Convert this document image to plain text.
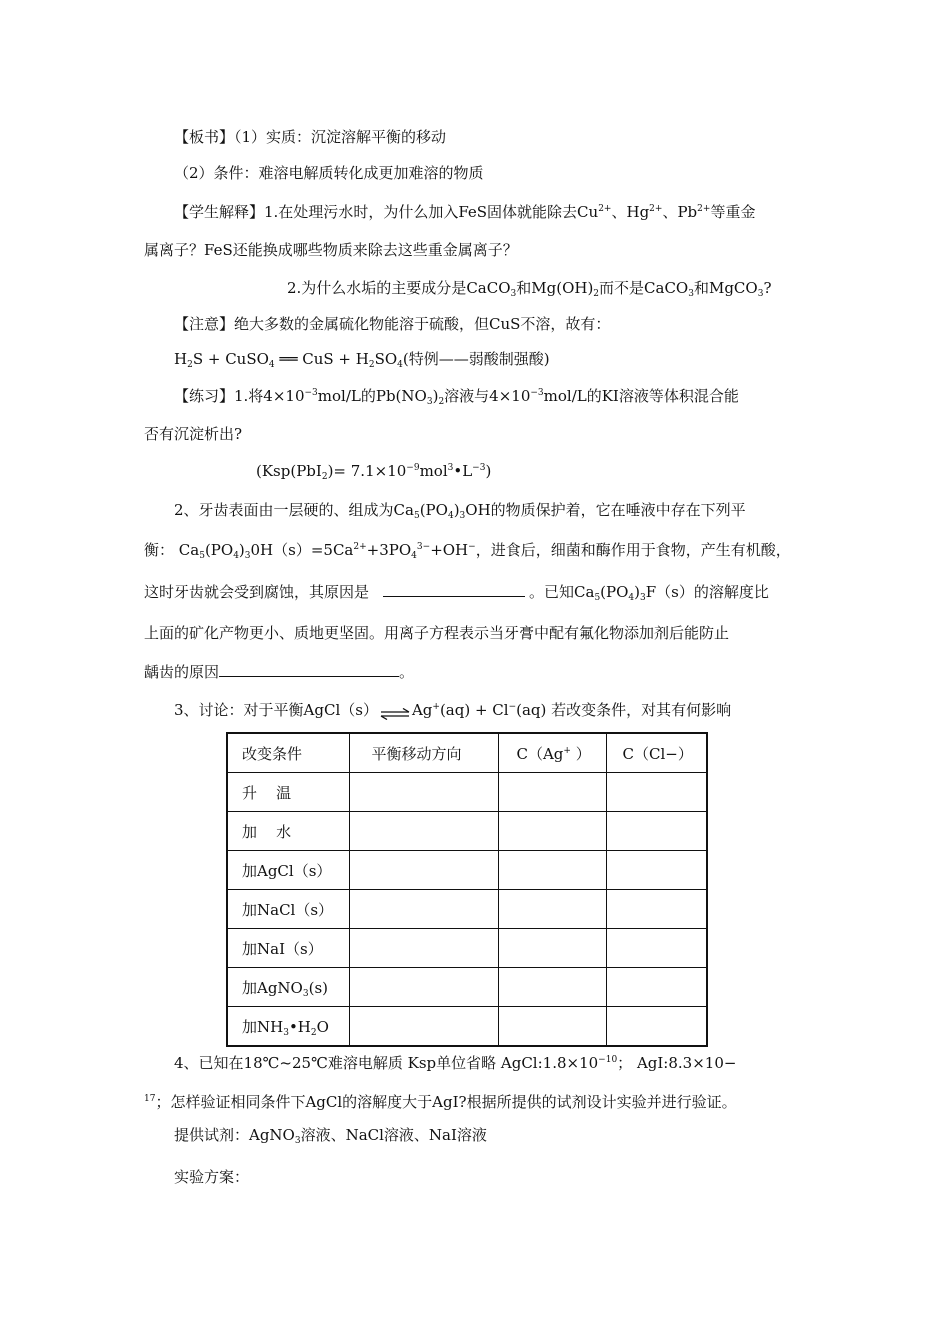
【板书】（1）实质：沉淀溶解平衡的移动
（2）条件：难溶电解质转化成更加难溶的物质
【学生解释】1.在处理污水时，为什么加入FeS固体就能除去$Cu^{2+}$、$Hg^{2+}$、$Pb^{2+}$等重金
属离子？FeS还能换成哪些物质来除去这些重金属离子？
2.为什么水垢的主要成分是CaCO$_3$和$Mg(OH)_2$而不是CaCO$_3$和MgCO$_3$?
【注意】绝大多数的金属硫化物能溶于硫酸，但CuS不溶，故有：
$H_2S$ + CuSO$_4$ ══ CuS + $H_2SO_4$(特例——弱酸制强酸)
【练习】1.将$4\times 10^{-3}mol/L$的$Pb(NO_3)_2$溶液与$4\times 10^{-3}mol/L$的KI溶液等体积混合能
否有沉淀析出?
$(Ksp(PbI_2)= 7.1\times 10^{-9}mol^3•L^{-3})$
2、牙齿表面由一层硬的、组成为$Ca_5(PO_4)_3OH$的物质保护着，它在唾液中存在下列平
衡： $Ca_5(PO_4)_30H(s)=5Ca^{2+}+3PO_4^{3-}+OH^-$，进食后，细菌和酶作用于食物，产生有机酸，
这时牙齿就会受到腐蚀，其原因是	。已知$Ca_5(PO_4)_3F(s)$的溶解度比
上面的矿化产物更小、质地更坚固。用离子方程表示当牙膏中配有氟化物添加剂后能防止
龋齿的原因	。
3、讨论：对于平衡AgCl（s） ⇌ Ag+(aq) + Cl−(aq) 若改变条件，对其有何影响
改变条件	平衡移动方向	C（Ag+ ）	C（Cl−）
升    温			
加    水			
加AgCl（s）			
加NaCl（s）			
加NaI（s）			
加AgNO$_3$(s)			
加$NH_3•H_2O$			
4、已知在18℃~25℃难溶电解质 Ksp单位省略 $AgCl:1.8\times 10^{-10}$； AgI:8.3×10−
$^{17}$；怎样验证相同条件下AgCl的溶解度大于AgI?根据所提供的试剂设计实验并进行验证。
提供试剂：AgNO$_3$溶液、NaCl溶液、NaI溶液
实验方案：
